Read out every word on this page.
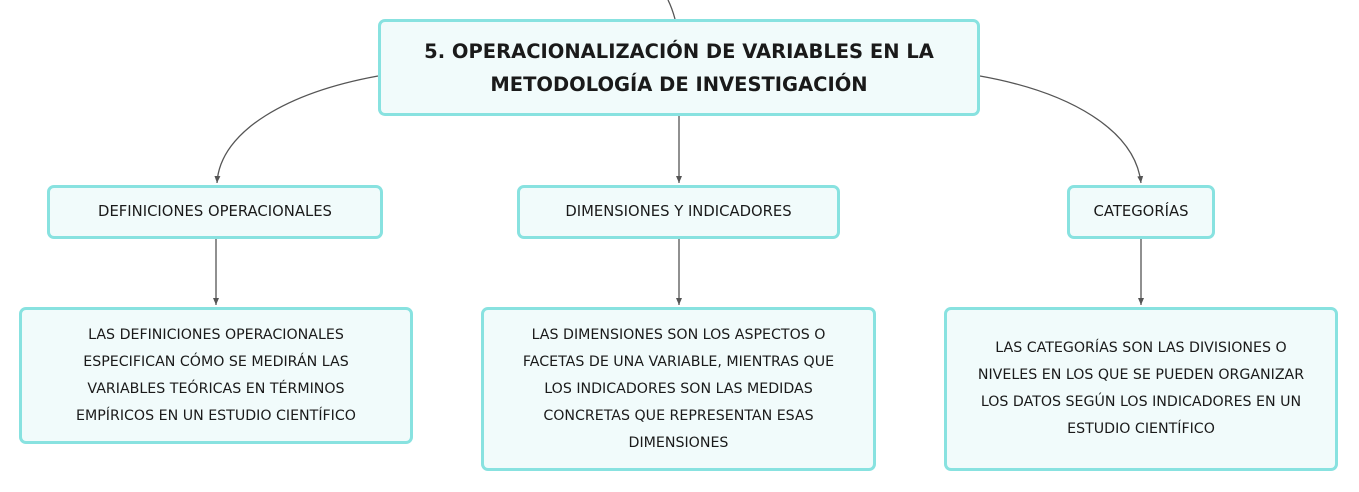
5. OPERACIONALIZACIÓN DE VARIABLES EN LA
METODOLOGÍA DE INVESTIGACIÓN
DEFINICIONES OPERACIONALES	DIMENSIONES Y INDICADORES	CATEGORÍAS
LAS DEFINICIONES OPERACIONALES
ESPECIFICAN CÓMO SE MEDIRÁN LAS
VARIABLES TEÓRICAS EN TÉRMINOS
EMPÍRICOS EN UN ESTUDIO CIENTÍFICO
LAS DIMENSIONES SON LOS ASPECTOS O
FACETAS DE UNA VARIABLE, MIENTRAS QUE
LOS INDICADORES SON LAS MEDIDAS
CONCRETAS QUE REPRESENTAN ESAS
DIMENSIONES
LAS CATEGORÍAS SON LAS DIVISIONES O
NIVELES EN LOS QUE SE PUEDEN ORGANIZAR
LOS DATOS SEGÚN LOS INDICADORES EN UN
ESTUDIO CIENTÍFICO
